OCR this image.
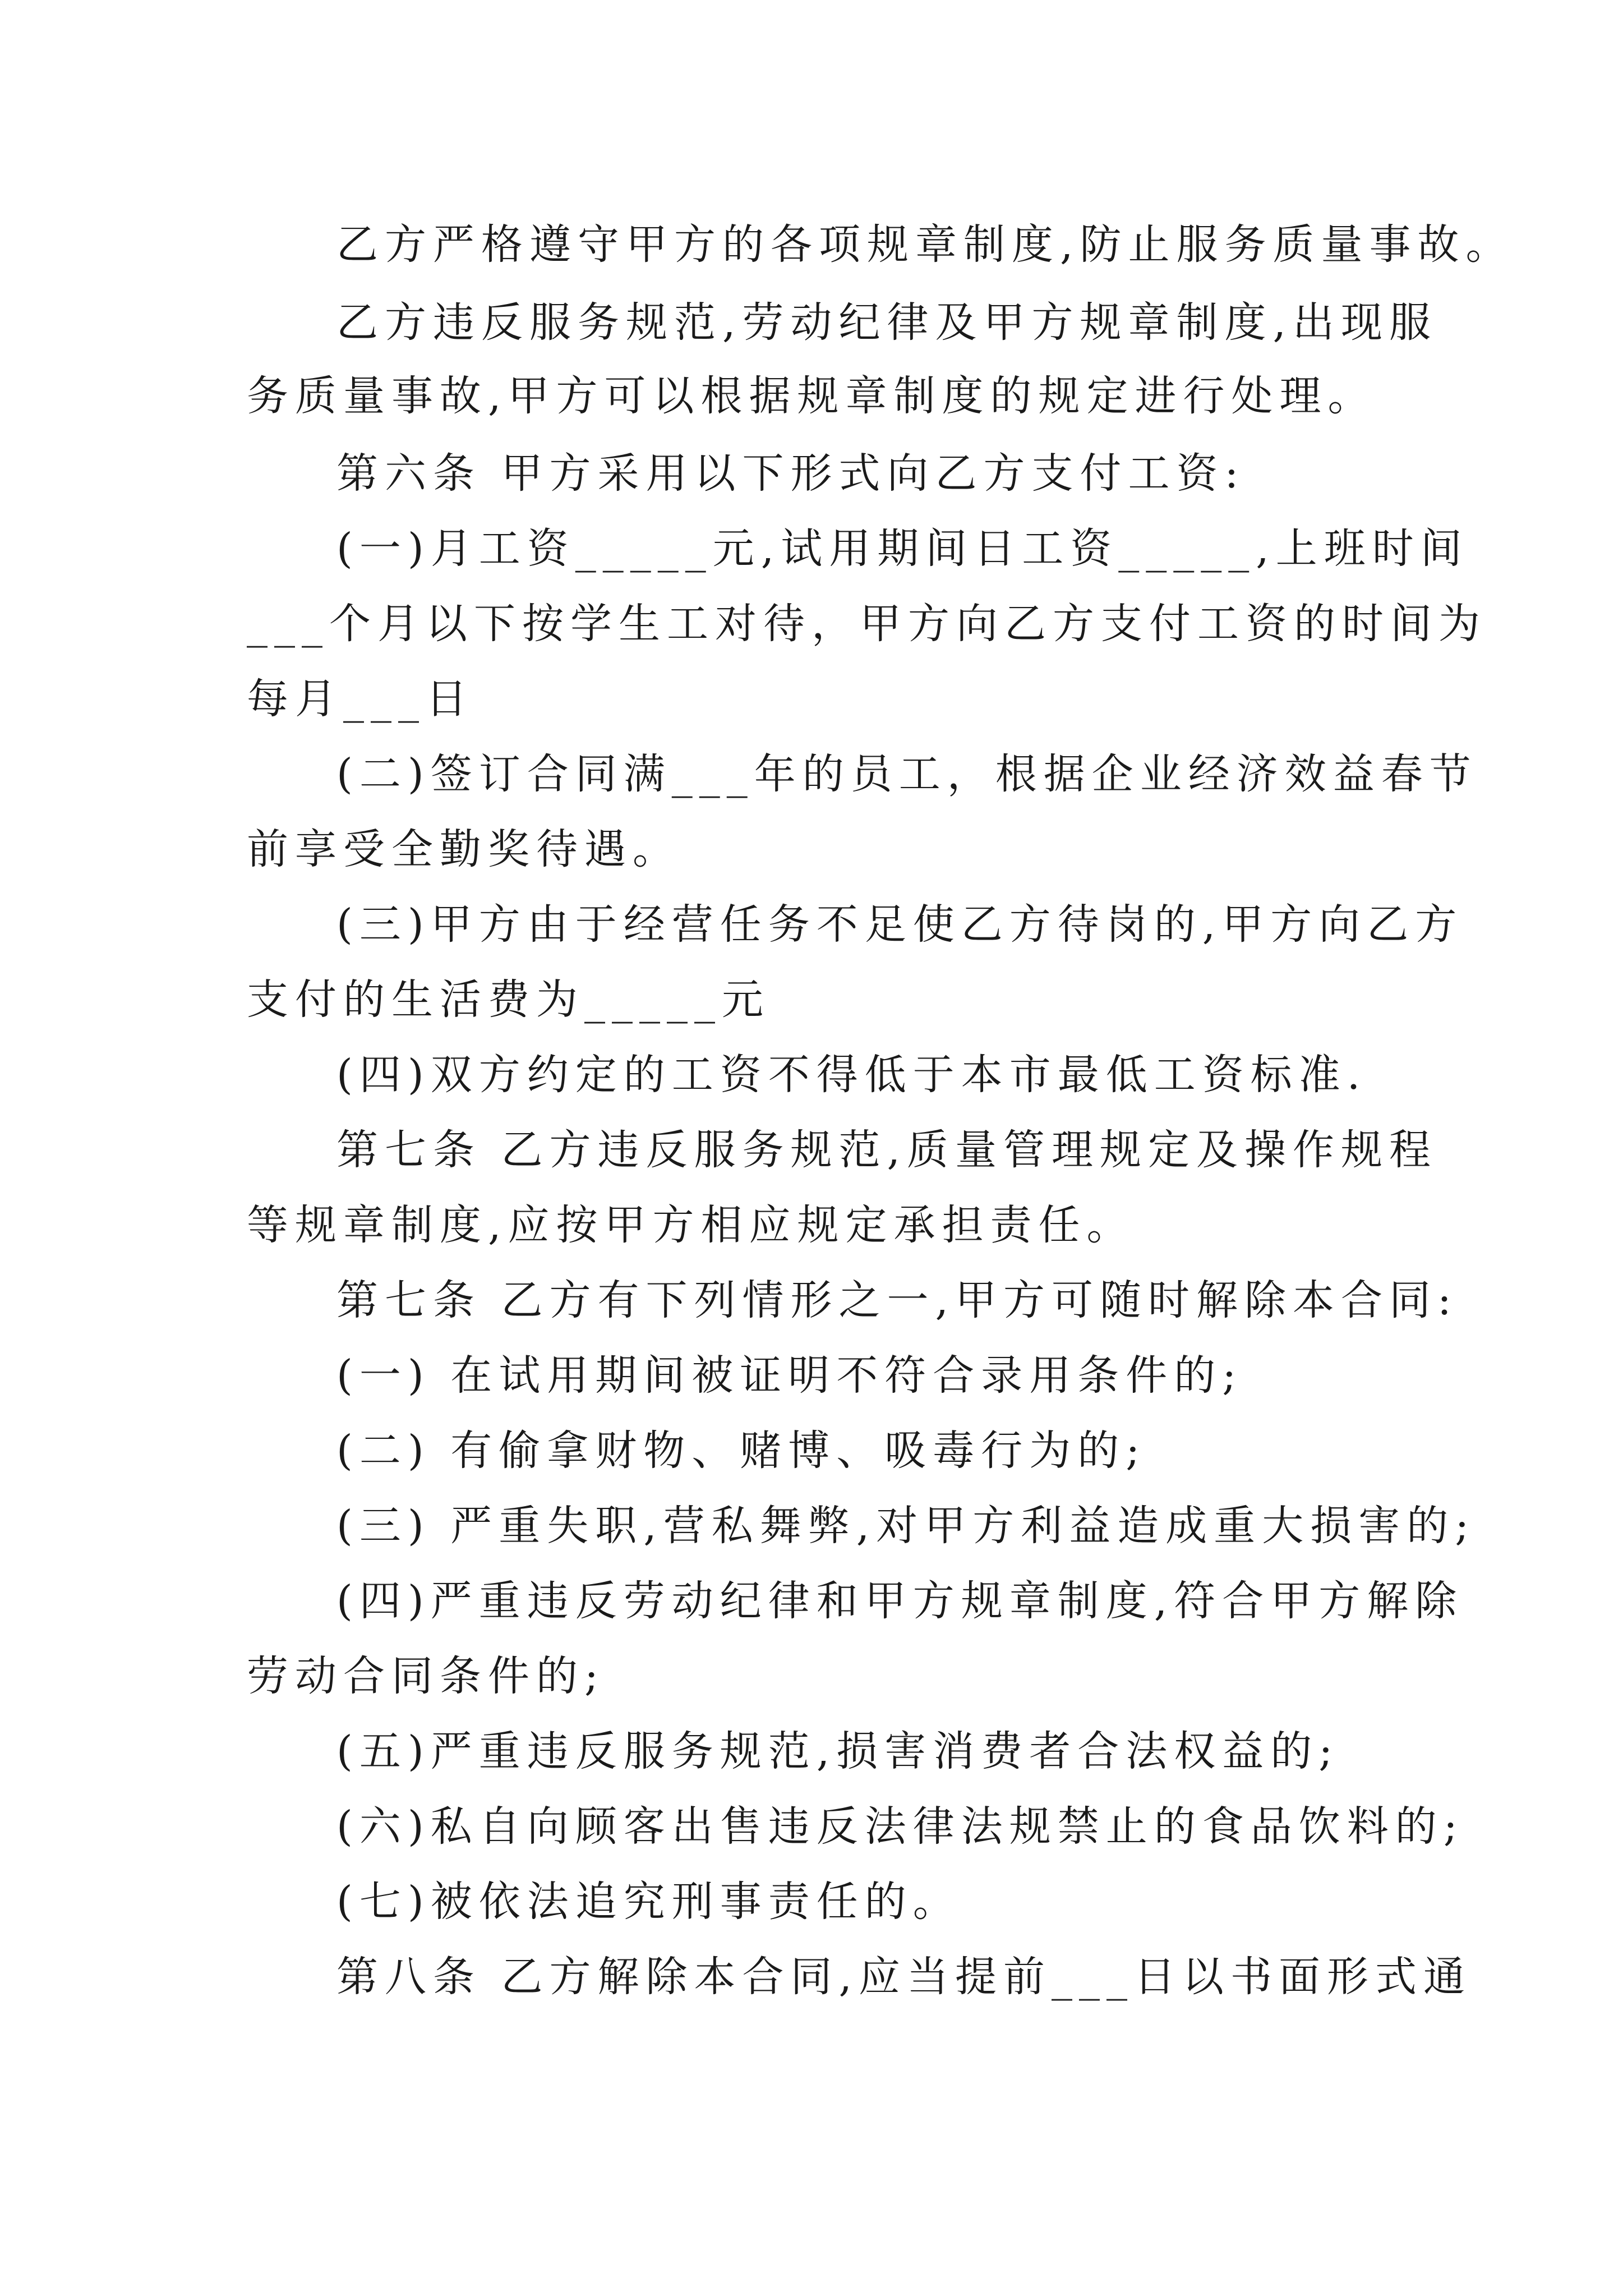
乙方严格遵守甲方的各项规章制度,防止服务质量事故。
乙方违反服务规范,劳动纪律及甲方规章制度,出现服
务质量事故,甲方可以根据规章制度的规定进行处理。
第六条 甲方采用以下形式向乙方支付工资:
(一)月工资_____元,试用期间日工资_____,上班时间
___个月以下按学生工对待，甲方向乙方支付工资的时间为
每月___日
(二)签订合同满___年的员工，根据企业经济效益春节
前享受全勤奖待遇。
(三)甲方由于经营任务不足使乙方待岗的,甲方向乙方
支付的生活费为_____元
(四)双方约定的工资不得低于本市最低工资标准.
第七条 乙方违反服务规范,质量管理规定及操作规程
等规章制度,应按甲方相应规定承担责任。
第七条 乙方有下列情形之一,甲方可随时解除本合同:
(一) 在试用期间被证明不符合录用条件的;
(二) 有偷拿财物、赌博、吸毒行为的;
(三) 严重失职,营私舞弊,对甲方利益造成重大损害的;
(四)严重违反劳动纪律和甲方规章制度,符合甲方解除
劳动合同条件的;
(五)严重违反服务规范,损害消费者合法权益的;
(六)私自向顾客出售违反法律法规禁止的食品饮料的;
(七)被依法追究刑事责任的。
第八条 乙方解除本合同,应当提前___日以书面形式通
